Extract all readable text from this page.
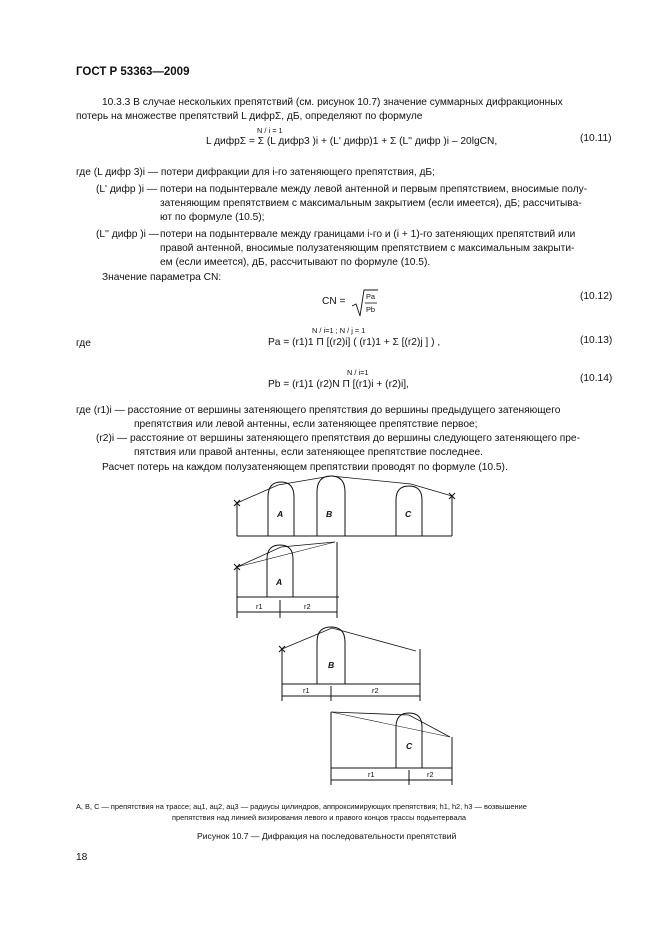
ГОСТ Р 53363—2009
10.3.3 В случае нескольких препятствий (см. рисунок 10.7) значение суммарных дифракционных
потерь на множестве препятствий L дифрΣ, дБ, определяют по формуле
L дифрΣ = Σ (L дифр3 )i + (L' дифр)1 + Σ (L'' дифр )i – 20lgCN,
N / i = 1
(10.11)
где (L дифр 3)i — потери дифракции для i-го затеняющего препятствия, дБ;
(L' дифр )i — потери на подынтервале между левой антенной и первым препятствием, вносимые полу-
затеняющим препятствием с максимальным закрытием (если имеется), дБ; рассчитыва-
ют по формуле (10.5);
(L'' дифр )i — потери на подынтервале между границами i-го и (i + 1)-го затеняющих препятствий или
правой антенной, вносимые полузатеняющим препятствием с максимальным закрыти-
ем (если имеется), дБ, рассчитывают по формуле (10.5).
Значение параметра CN:
CN =	Pa
Pb
(10.12)
где	Pa = (r1)1 Π [(r2)i] ( (r1)1 + Σ [(r2)j ] ) ,
N / i=1 ; N / j = 1
(10.13)
Pb = (r1)1 (r2)N Π [(r1)i + (r2)i],
N / i=1
(10.14)
где (r1)i — расстояние от вершины затеняющего препятствия до вершины предыдущего затеняющего
препятствия или левой антенны, если затеняющее препятствие первое;
(r2)i — расстояние от вершины затеняющего препятствия до вершины следующего затеняющего пре-
пятствия или правой антенны, если затеняющее препятствие последнее.
Расчет потерь на каждом полузатеняющем препятствии проводят по формуле (10.5).
A	B	C
A
B
C
r1	r2
r1	r2
r1	r2
A, B, C — препятствия на трассе; aц1, aц2, aц3 — радиусы цилиндров, аппроксимирующих препятствия; h1, h2, h3 — возвышение
препятствия над линией визирования левого и правого концов трассы подынтервала
Рисунок 10.7 — Дифракция на последовательности препятствий
18
